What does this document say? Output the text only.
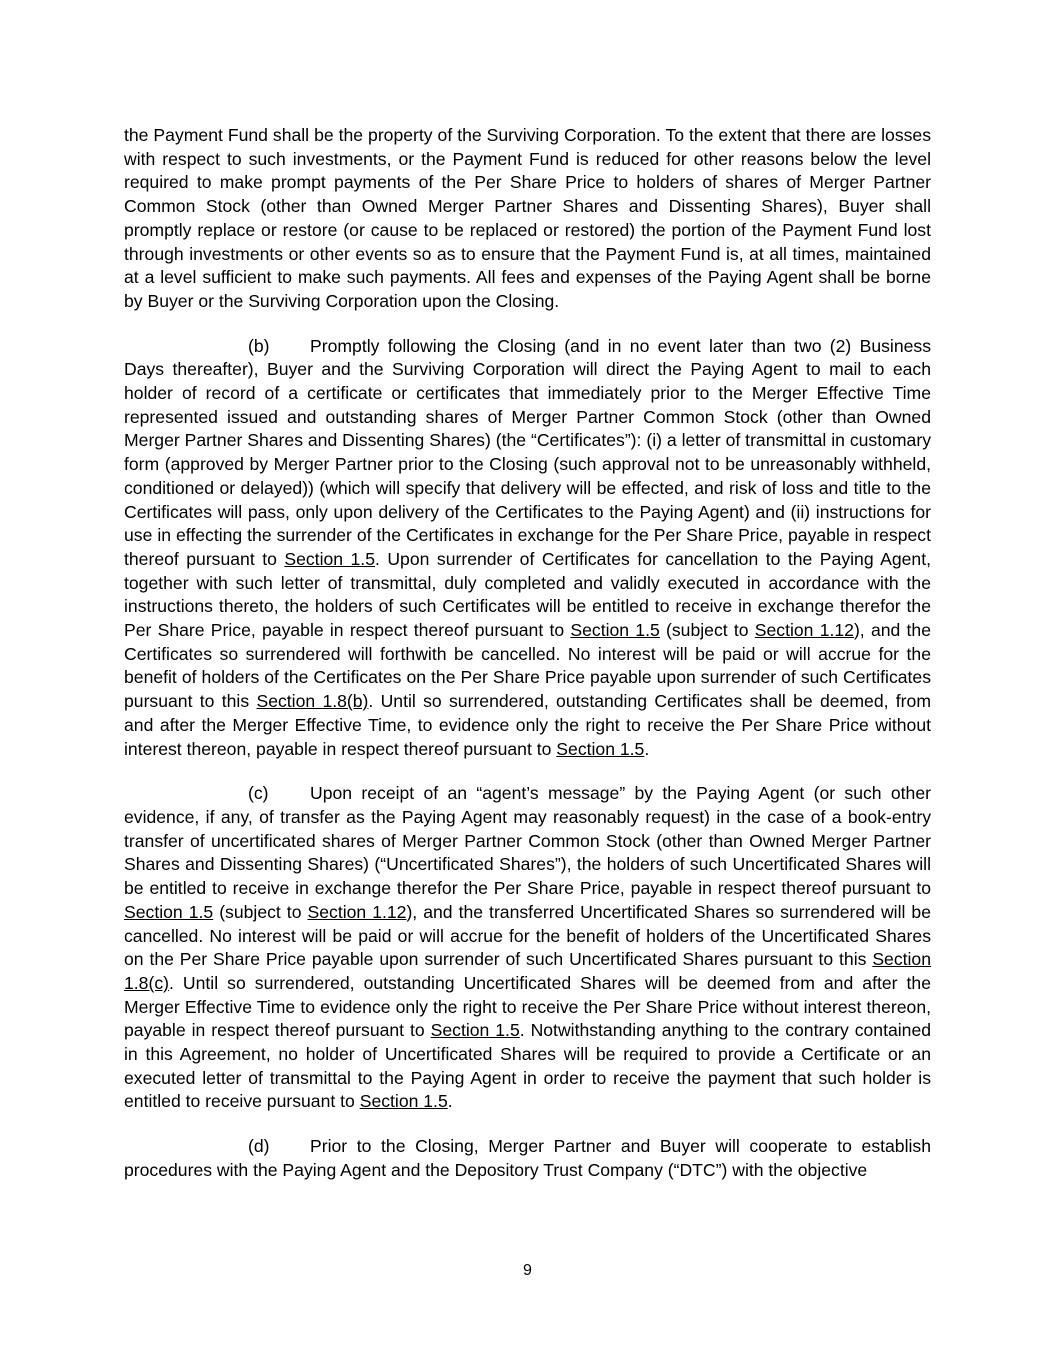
the Payment Fund shall be the property of the Surviving Corporation. To the extent that there are losses with respect to such investments, or the Payment Fund is reduced for other reasons below the level required to make prompt payments of the Per Share Price to holders of shares of Merger Partner Common Stock (other than Owned Merger Partner Shares and Dissenting Shares), Buyer shall promptly replace or restore (or cause to be replaced or restored) the portion of the Payment Fund lost through investments or other events so as to ensure that the Payment Fund is, at all times, maintained at a level sufficient to make such payments. All fees and expenses of the Paying Agent shall be borne by Buyer or the Surviving Corporation upon the Closing.

(b) Promptly following the Closing (and in no event later than two (2) Business Days thereafter), Buyer and the Surviving Corporation will direct the Paying Agent to mail to each holder of record of a certificate or certificates that immediately prior to the Merger Effective Time represented issued and outstanding shares of Merger Partner Common Stock (other than Owned Merger Partner Shares and Dissenting Shares) (the “Certificates”): (i) a letter of transmittal in customary form (approved by Merger Partner prior to the Closing (such approval not to be unreasonably withheld, conditioned or delayed)) (which will specify that delivery will be effected, and risk of loss and title to the Certificates will pass, only upon delivery of the Certificates to the Paying Agent) and (ii) instructions for use in effecting the surrender of the Certificates in exchange for the Per Share Price, payable in respect thereof pursuant to Section 1.5. Upon surrender of Certificates for cancellation to the Paying Agent, together with such letter of transmittal, duly completed and validly executed in accordance with the instructions thereto, the holders of such Certificates will be entitled to receive in exchange therefor the Per Share Price, payable in respect thereof pursuant to Section 1.5 (subject to Section 1.12), and the Certificates so surrendered will forthwith be cancelled. No interest will be paid or will accrue for the benefit of holders of the Certificates on the Per Share Price payable upon surrender of such Certificates pursuant to this Section 1.8(b). Until so surrendered, outstanding Certificates shall be deemed, from and after the Merger Effective Time, to evidence only the right to receive the Per Share Price without interest thereon, payable in respect thereof pursuant to Section 1.5.

(c) Upon receipt of an “agent’s message” by the Paying Agent (or such other evidence, if any, of transfer as the Paying Agent may reasonably request) in the case of a book-entry transfer of uncertificated shares of Merger Partner Common Stock (other than Owned Merger Partner Shares and Dissenting Shares) (“Uncertificated Shares”), the holders of such Uncertificated Shares will be entitled to receive in exchange therefor the Per Share Price, payable in respect thereof pursuant to Section 1.5 (subject to Section 1.12), and the transferred Uncertificated Shares so surrendered will be cancelled. No interest will be paid or will accrue for the benefit of holders of the Uncertificated Shares on the Per Share Price payable upon surrender of such Uncertificated Shares pursuant to this Section 1.8(c). Until so surrendered, outstanding Uncertificated Shares will be deemed from and after the Merger Effective Time to evidence only the right to receive the Per Share Price without interest thereon, payable in respect thereof pursuant to Section 1.5. Notwithstanding anything to the contrary contained in this Agreement, no holder of Uncertificated Shares will be required to provide a Certificate or an executed letter of transmittal to the Paying Agent in order to receive the payment that such holder is entitled to receive pursuant to Section 1.5.

(d) Prior to the Closing, Merger Partner and Buyer will cooperate to establish procedures with the Paying Agent and the Depository Trust Company (“DTC”) with the objective

9
